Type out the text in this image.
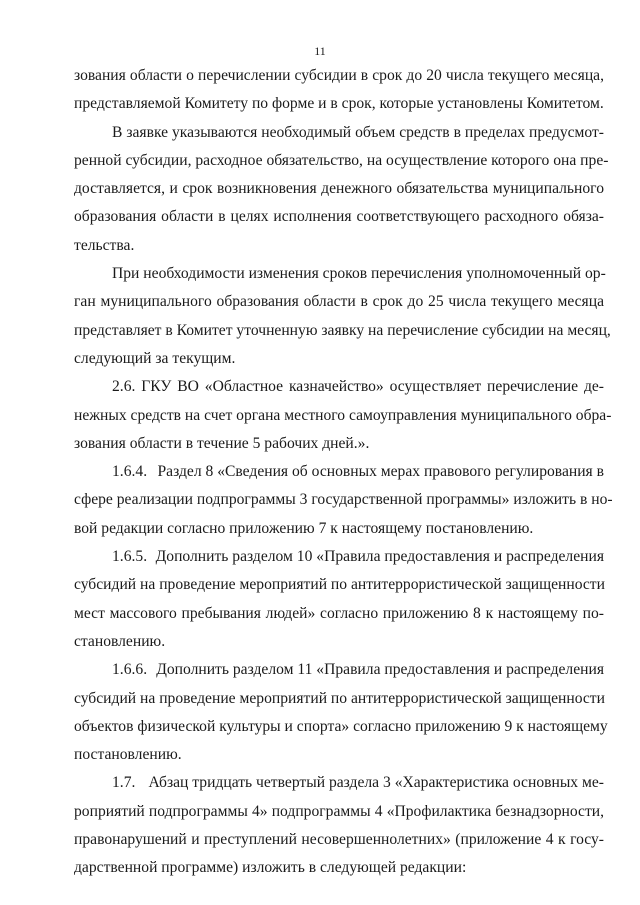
11
зования области о перечислении субсидии в срок до 20 числа текущего месяца,
представляемой Комитету по форме и в срок, которые установлены Комитетом.
В заявке указываются необходимый объем средств в пределах предусмот-
ренной субсидии, расходное обязательство, на осуществление которого она пре-
доставляется, и срок возникновения денежного обязательства муниципального
образования области в целях исполнения соответствующего расходного обяза-
тельства.
При необходимости изменения сроков перечисления уполномоченный ор-
ган муниципального образования области в срок до 25 числа текущего месяца
представляет в Комитет уточненную заявку на перечисление субсидии на месяц,
следующий за текущим.
2.6. ГКУ ВО «Областное казначейство» осуществляет перечисление де-
нежных средств на счет органа местного самоуправления муниципального обра-
зования области в течение 5 рабочих дней.».
1.6.4. Раздел 8 «Сведения об основных мерах правового регулирования в
сфере реализации подпрограммы 3 государственной программы» изложить в но-
вой редакции согласно приложению 7 к настоящему постановлению.
1.6.5. Дополнить разделом 10 «Правила предоставления и распределения
субсидий на проведение мероприятий по антитеррористической защищенности
мест массового пребывания людей» согласно приложению 8 к настоящему по-
становлению.
1.6.6. Дополнить разделом 11 «Правила предоставления и распределения
субсидий на проведение мероприятий по антитеррористической защищенности
объектов физической культуры и спорта» согласно приложению 9 к настоящему
постановлению.
1.7. Абзац тридцать четвертый раздела 3 «Характеристика основных ме-
роприятий подпрограммы 4» подпрограммы 4 «Профилактика безнадзорности,
правонарушений и преступлений несовершеннолетних» (приложение 4 к госу-
дарственной программе) изложить в следующей редакции:
